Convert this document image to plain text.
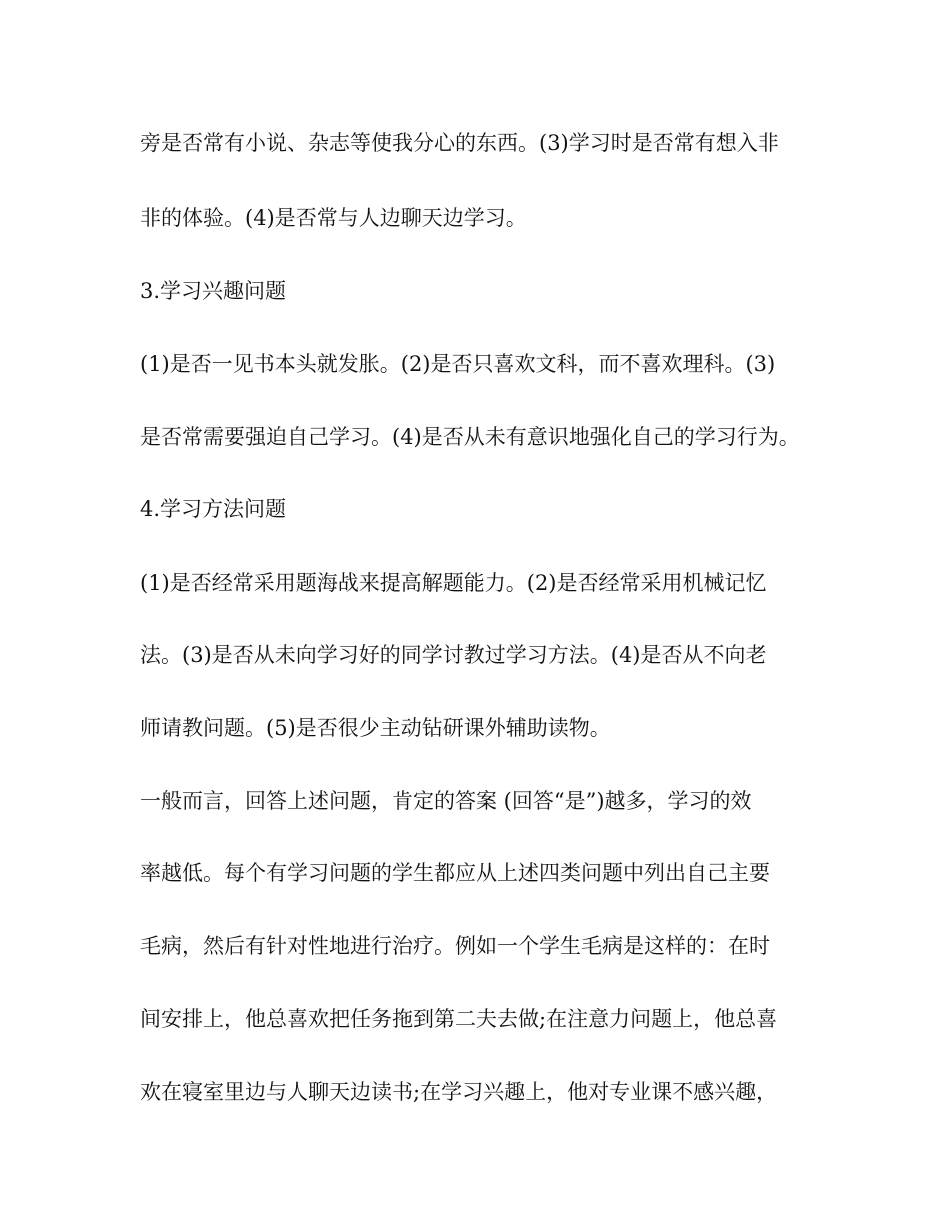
旁是否常有小说、杂志等使我分心的东西。(3)学习时是否常有想入非
非的体验。(4)是否常与人边聊天边学习。
3.学习兴趣问题
(1)是否一见书本头就发胀。(2)是否只喜欢文科，而不喜欢理科。(3)
是否常需要强迫自己学习。(4)是否从未有意识地强化自己的学习行为。
4.学习方法问题
(1)是否经常采用题海战来提高解题能力。(2)是否经常采用机械记忆
法。(3)是否从未向学习好的同学讨教过学习方法。(4)是否从不向老
师请教问题。(5)是否很少主动钻研课外辅助读物。
一般而言，回答上述问题，肯定的答案 (回答“是”)越多，学习的效
率越低。每个有学习问题的学生都应从上述四类问题中列出自己主要
毛病，然后有针对性地进行治疗。例如一个学生毛病是这样的：在时
间安排上，他总喜欢把任务拖到第二夫去做;在注意力问题上，他总喜
欢在寝室里边与人聊天边读书;在学习兴趣上，他对专业课不感兴趣，
